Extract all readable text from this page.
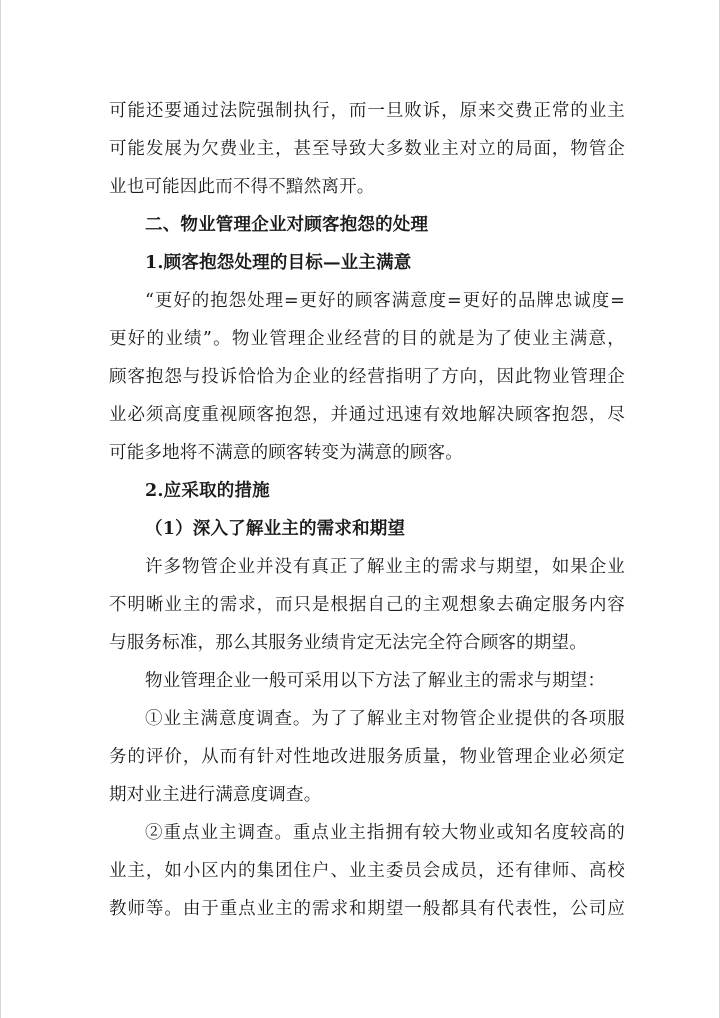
可能还要通过法院强制执行，而一旦败诉，原来交费正常的业主
可能发展为欠费业主，甚至导致大多数业主对立的局面，物管企
业也可能因此而不得不黯然离开。
二、物业管理企业对顾客抱怨的处理
1.顾客抱怨处理的目标—业主满意
“更好的抱怨处理=更好的顾客满意度=更好的品牌忠诚度=
更好的业绩”。物业管理企业经营的目的就是为了使业主满意，
顾客抱怨与投诉恰恰为企业的经营指明了方向，因此物业管理企
业必须高度重视顾客抱怨，并通过迅速有效地解决顾客抱怨，尽
可能多地将不满意的顾客转变为满意的顾客。
2.应采取的措施
（1）深入了解业主的需求和期望
许多物管企业并没有真正了解业主的需求与期望，如果企业
不明晰业主的需求，而只是根据自己的主观想象去确定服务内容
与服务标准，那么其服务业绩肯定无法完全符合顾客的期望。
物业管理企业一般可采用以下方法了解业主的需求与期望：
①业主满意度调查。为了了解业主对物管企业提供的各项服
务的评价，从而有针对性地改进服务质量，物业管理企业必须定
期对业主进行满意度调查。
②重点业主调查。重点业主指拥有较大物业或知名度较高的
业主，如小区内的集团住户、业主委员会成员，还有律师、高校
教师等。由于重点业主的需求和期望一般都具有代表性，公司应
